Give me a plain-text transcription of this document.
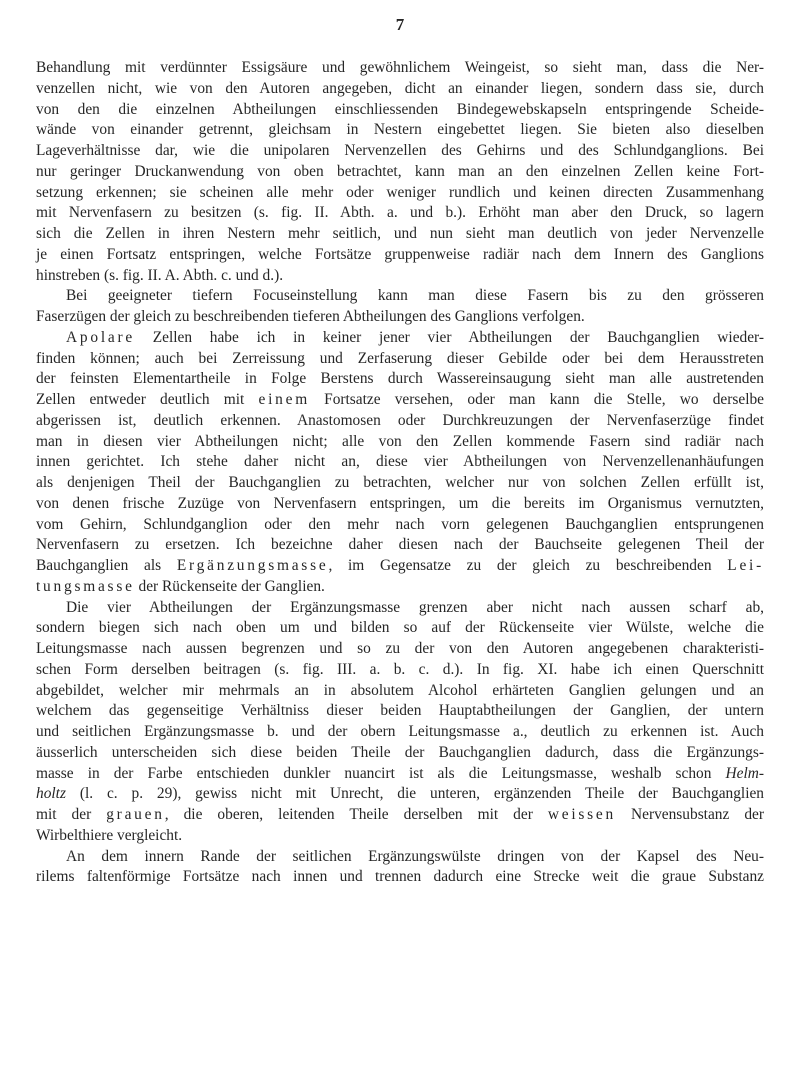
7
Behandlung mit verdünnter Essigsäure und gewöhnlichem Weingeist, so sieht man, dass die Ner-
venzellen nicht, wie von den Autoren angegeben, dicht an einander liegen, sondern dass sie, durch
von den die einzelnen Abtheilungen einschliessenden Bindegewebskapseln entspringende Scheide-
wände von einander getrennt, gleichsam in Nestern eingebettet liegen. Sie bieten also dieselben
Lageverhältnisse dar, wie die unipolaren Nervenzellen des Gehirns und des Schlundganglions. Bei
nur geringer Druckanwendung von oben betrachtet, kann man an den einzelnen Zellen keine Fort-
setzung erkennen; sie scheinen alle mehr oder weniger rundlich und keinen directen Zusammenhang
mit Nervenfasern zu besitzen (s. fig. II. Abth. a. und b.). Erhöht man aber den Druck, so lagern
sich die Zellen in ihren Nestern mehr seitlich, und nun sieht man deutlich von jeder Nervenzelle
je einen Fortsatz entspringen, welche Fortsätze gruppenweise radiär nach dem Innern des Ganglions
hinstreben (s. fig. II. A. Abth. c. und d.).
Bei geeigneter tiefern Focuseinstellung kann man diese Fasern bis zu den grösseren
Faserzügen der gleich zu beschreibenden tieferen Abtheilungen des Ganglions verfolgen.
Apolare Zellen habe ich in keiner jener vier Abtheilungen der Bauchganglien wieder-
finden können; auch bei Zerreissung und Zerfaserung dieser Gebilde oder bei dem Herausstreten
der feinsten Elementartheile in Folge Berstens durch Wassereinsaugung sieht man alle austretenden
Zellen entweder deutlich mit einem Fortsatze versehen, oder man kann die Stelle, wo derselbe
abgerissen ist, deutlich erkennen. Anastomosen oder Durchkreuzungen der Nervenfaserzüge findet
man in diesen vier Abtheilungen nicht; alle von den Zellen kommende Fasern sind radiär nach
innen gerichtet. Ich stehe daher nicht an, diese vier Abtheilungen von Nervenzellenanhäufungen
als denjenigen Theil der Bauchganglien zu betrachten, welcher nur von solchen Zellen erfüllt ist,
von denen frische Zuzüge von Nervenfasern entspringen, um die bereits im Organismus vernutzten,
vom Gehirn, Schlundganglion oder den mehr nach vorn gelegenen Bauchganglien entsprungenen
Nervenfasern zu ersetzen. Ich bezeichne daher diesen nach der Bauchseite gelegenen Theil der
Bauchganglien als Ergänzungsmasse, im Gegensatze zu der gleich zu beschreibenden Lei-
tungsmasse der Rückenseite der Ganglien.
Die vier Abtheilungen der Ergänzungsmasse grenzen aber nicht nach aussen scharf ab,
sondern biegen sich nach oben um und bilden so auf der Rückenseite vier Wülste, welche die
Leitungsmasse nach aussen begrenzen und so zu der von den Autoren angegebenen charakteristi-
schen Form derselben beitragen (s. fig. III. a. b. c. d.). In fig. XI. habe ich einen Querschnitt
abgebildet, welcher mir mehrmals an in absolutem Alcohol erhärteten Ganglien gelungen und an
welchem das gegenseitige Verhältniss dieser beiden Hauptabtheilungen der Ganglien, der untern
und seitlichen Ergänzungsmasse b. und der obern Leitungsmasse a., deutlich zu erkennen ist. Auch
äusserlich unterscheiden sich diese beiden Theile der Bauchganglien dadurch, dass die Ergänzungs-
masse in der Farbe entschieden dunkler nuancirt ist als die Leitungsmasse, weshalb schon Helm-
holtz (l. c. p. 29), gewiss nicht mit Unrecht, die unteren, ergänzenden Theile der Bauchganglien
mit der grauen, die oberen, leitenden Theile derselben mit der weissen Nervensubstanz der
Wirbelthiere vergleicht.
An dem innern Rande der seitlichen Ergänzungswülste dringen von der Kapsel des Neu-
rilems faltenförmige Fortsätze nach innen und trennen dadurch eine Strecke weit die graue Substanz
